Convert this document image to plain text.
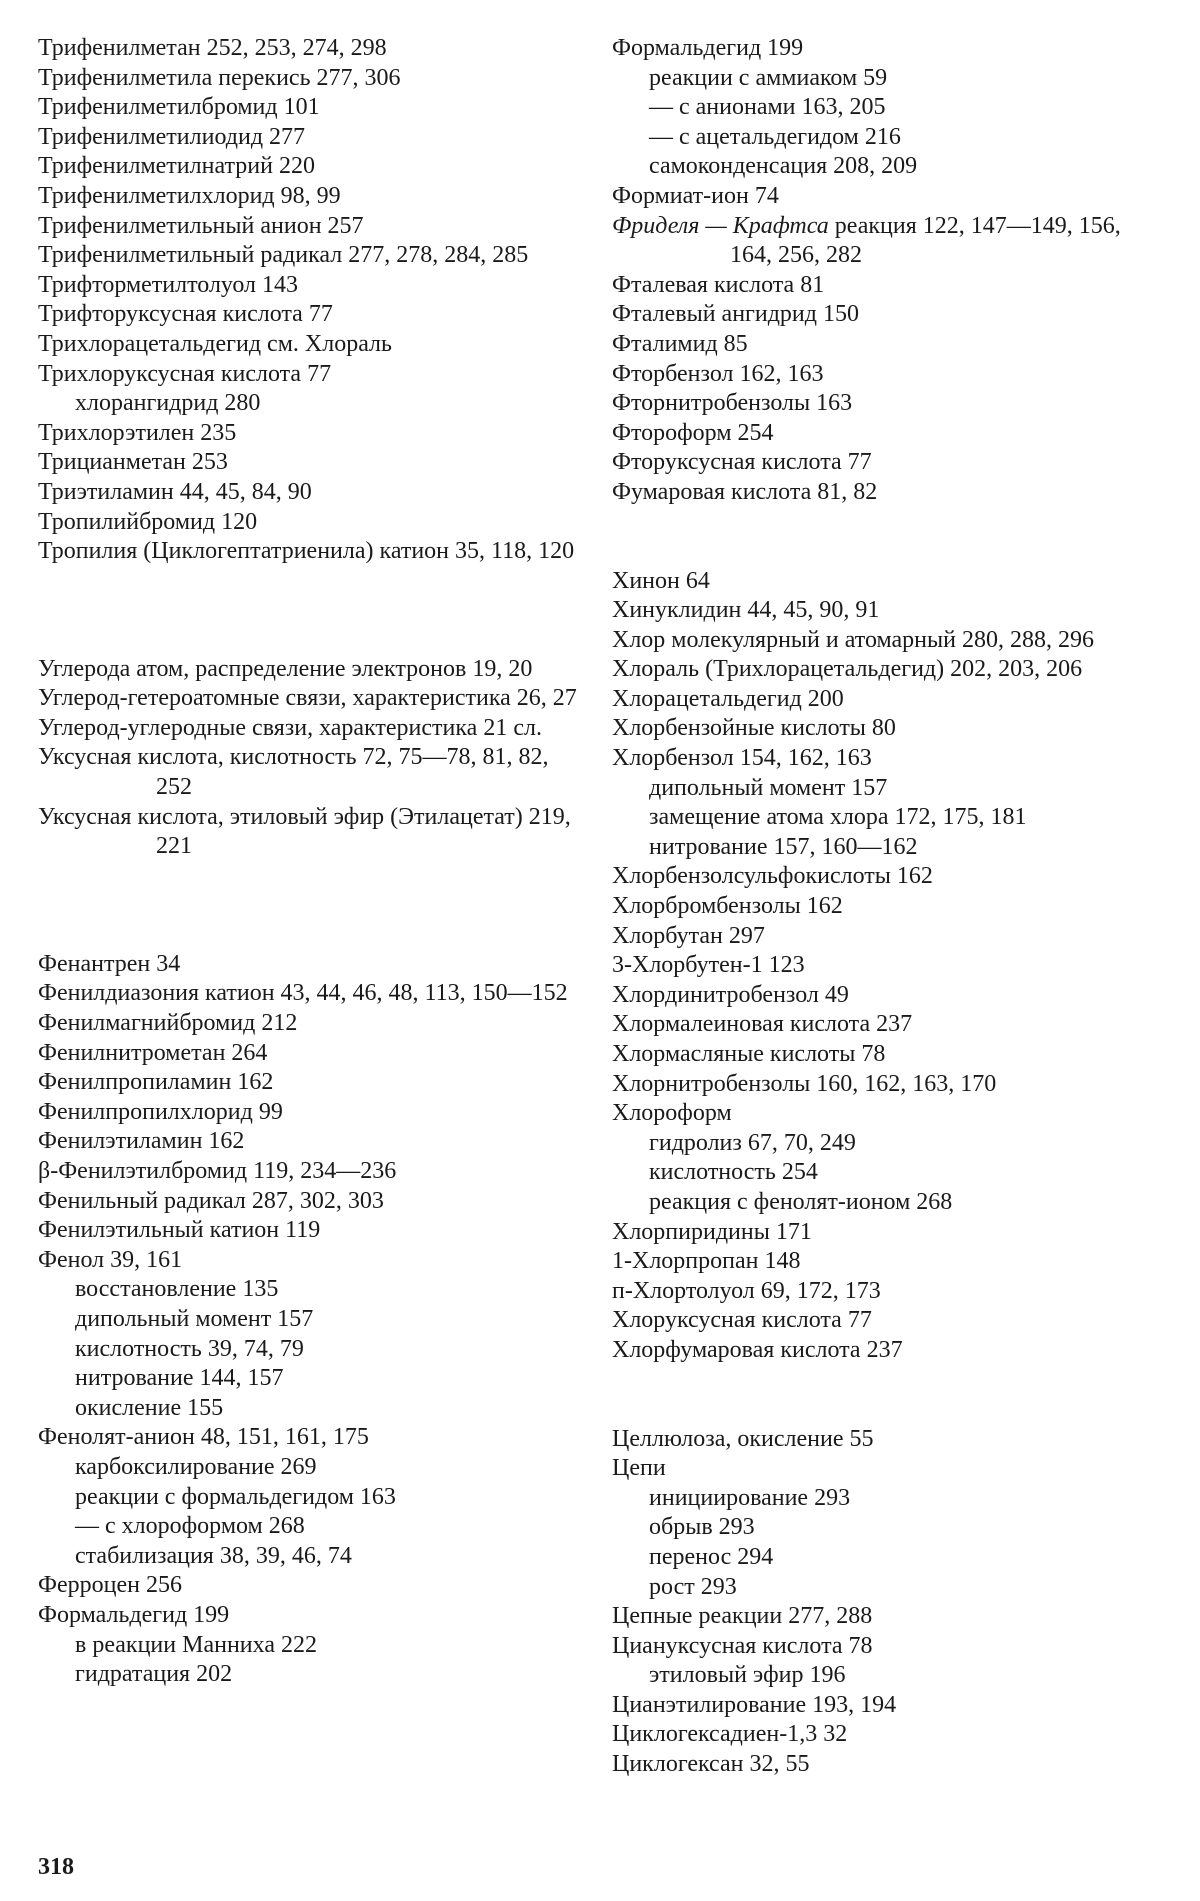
Трифенилметан 252, 253, 274, 298
Трифенилметила перекись 277, 306
Трифенилметилбромид 101
Трифенилметилиодид 277
Трифенилметилнатрий 220
Трифенилметилхлорид 98, 99
Трифенилметильный анион 257
Трифенилметильный радикал 277, 278, 284, 285
Трифторметилтолуол 143
Трифторуксусная кислота 77
Трихлорацетальдегид см. Хлораль
Трихлоруксусная кислота 77
хлорангидрид 280
Трихлорэтилен 235
Трицианметан 253
Триэтиламин 44, 45, 84, 90
Тропилийбромид 120
Тропилия (Циклогептатриенила) катион 35, 118, 120
Углерода атом, распределение электронов 19, 20
Углерод-гетероатомные связи, характеристика 26, 27
Углерод-углеродные связи, характеристика 21 сл.
Уксусная кислота, кислотность 72, 75—78, 81, 82, 252
Уксусная кислота, этиловый эфир (Этилацетат) 219, 221
Фенантрен 34
Фенилдиазония катион 43, 44, 46, 48, 113, 150—152
Фенилмагнийбромид 212
Фенилнитрометан 264
Фенилпропиламин 162
Фенилпропилхлорид 99
Фенилэтиламин 162
β-Фенилэтилбромид 119, 234—236
Фенильный радикал 287, 302, 303
Фенилэтильный катион 119
Фенол 39, 161
восстановление 135
дипольный момент 157
кислотность 39, 74, 79
нитрование 144, 157
окисление 155
Фенолят-анион 48, 151, 161, 175
карбоксилирование 269
реакции с формальдегидом 163
— с хлороформом 268
стабилизация 38, 39, 46, 74
Ферроцен 256
Формальдегид 199
в реакции Манниха 222
гидратация 202
Формальдегид 199
реакции с аммиаком 59
— с анионами 163, 205
— с ацетальдегидом 216
самоконденсация 208, 209
Формиат-ион 74
Фриделя — Крафтса реакция 122, 147—149, 156, 164, 256, 282
Фталевая кислота 81
Фталевый ангидрид 150
Фталимид 85
Фторбензол 162, 163
Фторнитробензолы 163
Фтороформ 254
Фторуксусная кислота 77
Фумаровая кислота 81, 82
Хинон 64
Хинуклидин 44, 45, 90, 91
Хлор молекулярный и атомарный 280, 288, 296
Хлораль (Трихлорацетальдегид) 202, 203, 206
Хлорацетальдегид 200
Хлорбензойные кислоты 80
Хлорбензол 154, 162, 163
дипольный момент 157
замещение атома хлора 172, 175, 181
нитрование 157, 160—162
Хлорбензолсульфокислоты 162
Хлорбромбензолы 162
Хлорбутан 297
3-Хлорбутен-1 123
Хлординитробензол 49
Хлормалеиновая кислота 237
Хлормасляные кислоты 78
Хлорнитробензолы 160, 162, 163, 170
Хлороформ
гидролиз 67, 70, 249
кислотность 254
реакция с фенолят-ионом 268
Хлорпиридины 171
1-Хлорпропан 148
п-Хлортолуол 69, 172, 173
Хлоруксусная кислота 77
Хлорфумаровая кислота 237
Целлюлоза, окисление 55
Цепи
инициирование 293
обрыв 293
перенос 294
рост 293
Цепные реакции 277, 288
Циануксусная кислота 78
этиловый эфир 196
Цианэтилирование 193, 194
Циклогексадиен-1,3 32
Циклогексан 32, 55
318
